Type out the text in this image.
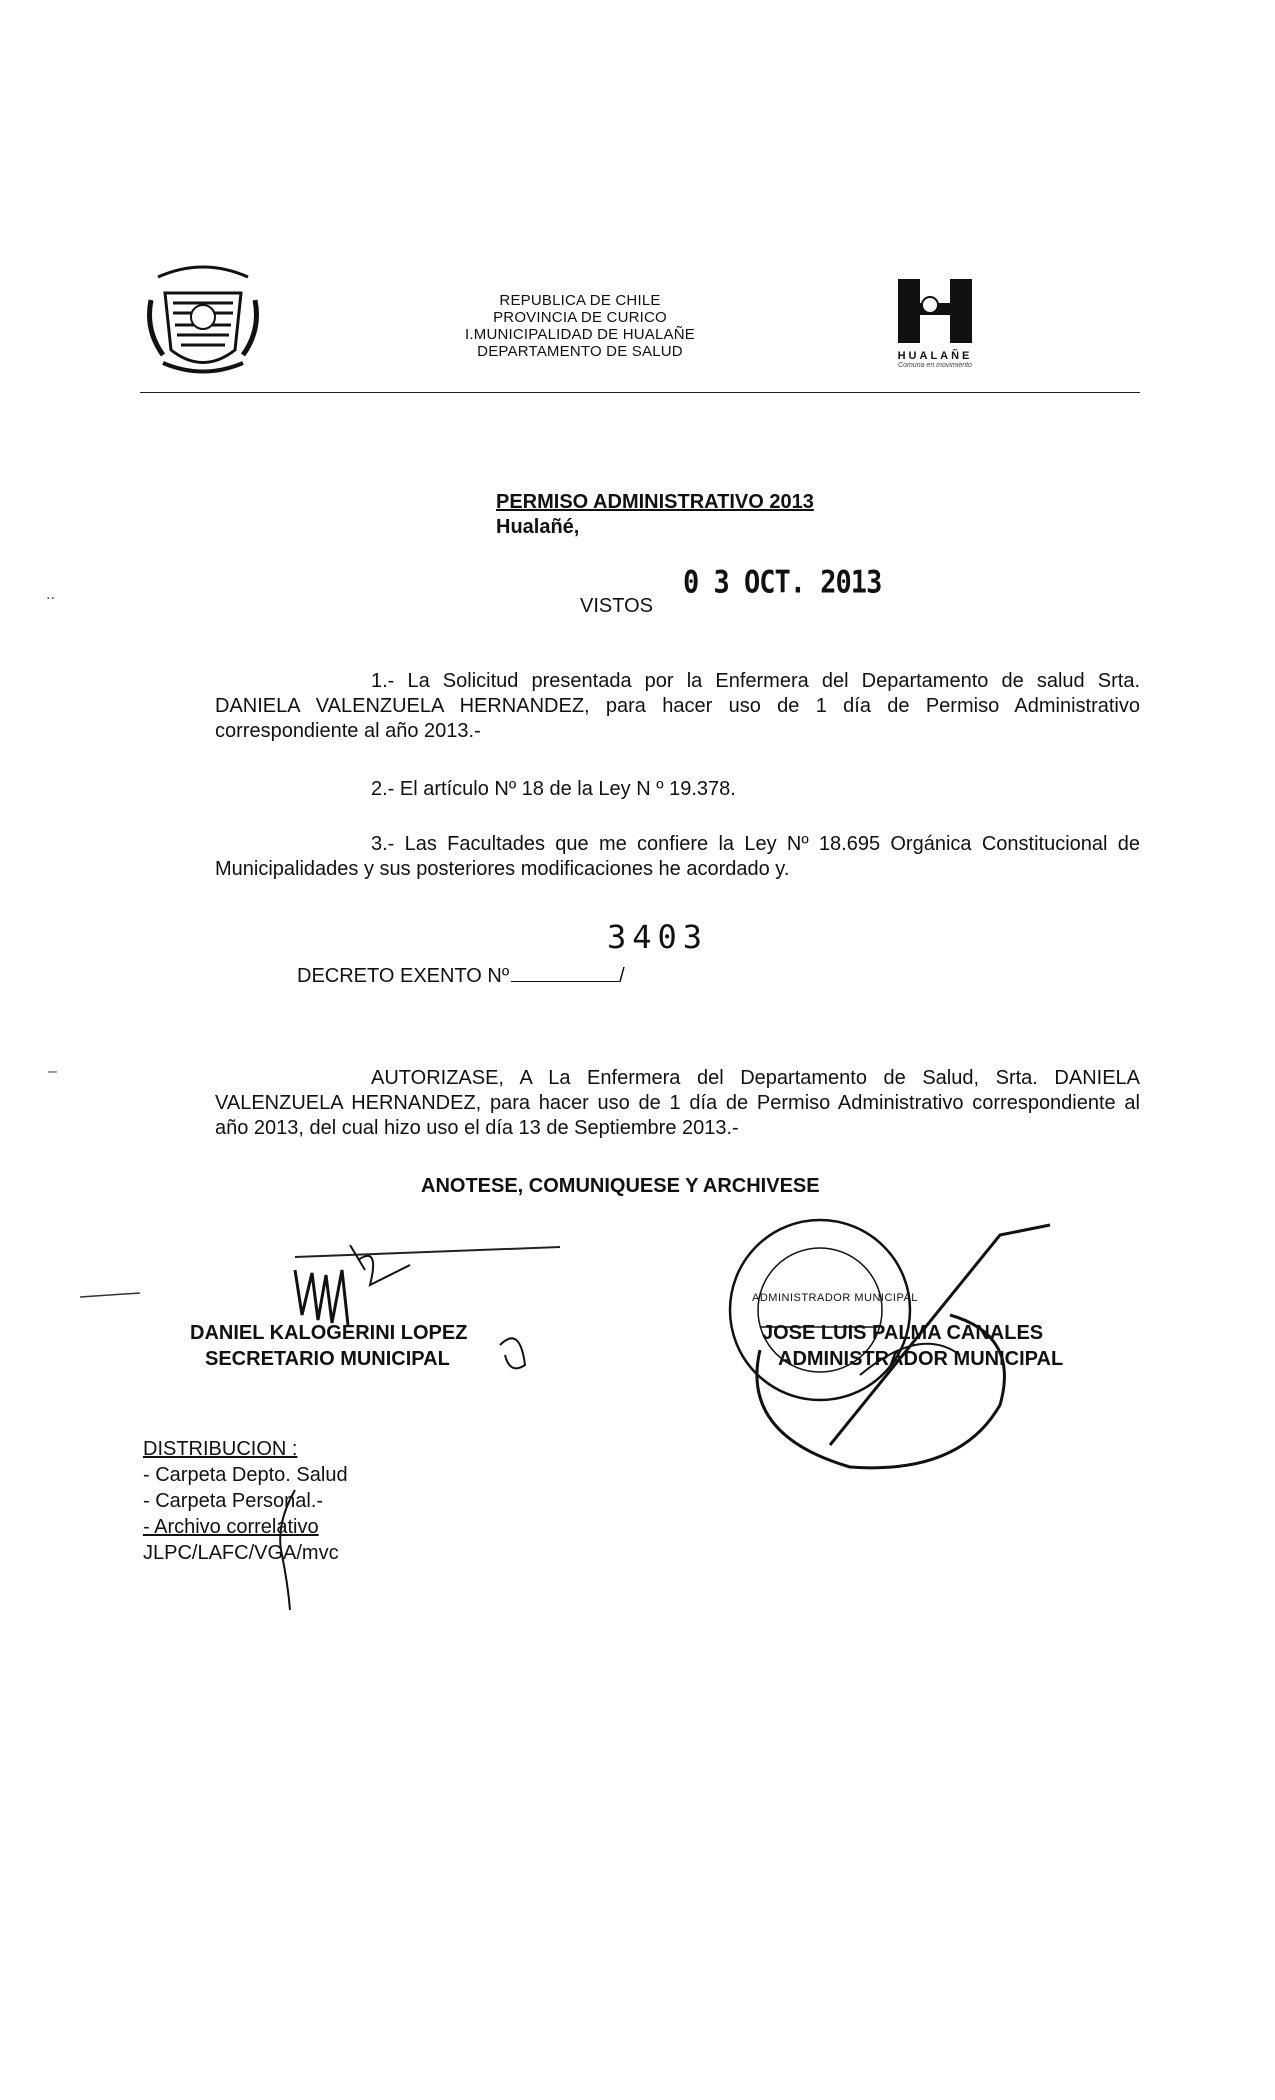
REPUBLICA DE CHILE
PROVINCIA DE CURICO
I.MUNICIPALIDAD DE HUALAÑE
DEPARTAMENTO DE SALUD	HUALAÑE
Comuna en movimiento
PERMISO ADMINISTRATIVO 2013
Hualañé,
0 3 OCT. 2013
VISTOS
..
1.- La Solicitud presentada por la Enfermera del Departamento de salud Srta. DANIELA VALENZUELA HERNANDEZ, para hacer uso de 1 día de Permiso Administrativo correspondiente al año 2013.-
2.- El artículo Nº 18 de la Ley N º 19.378.
3.- Las Facultades que me confiere la Ley Nº 18.695 Orgánica Constitucional de Municipalidades y sus posteriores modificaciones he acordado y.
3403
DECRETO EXENTO Nº	/
–	AUTORIZASE, A La Enfermera del Departamento de Salud, Srta. DANIELA VALENZUELA HERNANDEZ, para hacer uso de 1 día de Permiso Administrativo correspondiente al año 2013, del cual hizo uso el día 13 de Septiembre 2013.-
ANOTESE, COMUNIQUESE Y ARCHIVESE
DANIEL KALOGERINI LOPEZ
SECRETARIO MUNICIPAL
ADMINISTRADOR MUNICIPAL
JOSE LUIS PALMA CANALES
ADMINISTRADOR MUNICIPAL
DISTRIBUCION :
- Carpeta Depto. Salud
- Carpeta Personal.-
- Archivo correlativo
JLPC/LAFC/VGA/mvc
